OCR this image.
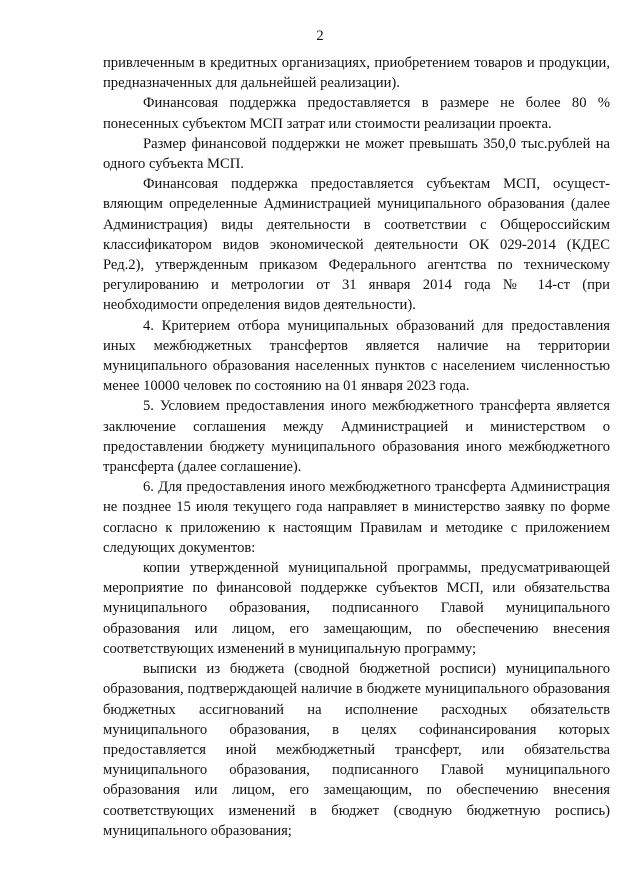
2

привлеченным в кредитных организациях, приобретением товаров и продукции, предназначенных для дальнейшей реализации).

Финансовая поддержка предоставляется в размере не более 80 % понесенных субъектом МСП затрат или стоимости реализации проекта.

Размер финансовой поддержки не может превышать 350,0 тыс.рублей на одного субъекта МСП.

Финансовая поддержка предоставляется субъектам МСП, осуществляющим определенные Администрацией муниципального образования (далее Администрация) виды деятельности в соответствии с Общероссийским классификатором видов экономической деятельности ОК 029-2014 (КДЕС Ред.2), утвержденным приказом Федерального агентства по техническому регулированию и метрологии от 31 января 2014 года № 14-ст (при необходимости определения видов деятельности).

4. Критерием отбора муниципальных образований для предоставления иных межбюджетных трансфертов является наличие на территории муниципального образования населенных пунктов с населением численностью менее 10000 человек по состоянию на 01 января 2023 года.

5. Условием предоставления иного межбюджетного трансферта является заключение соглашения между Администрацией и министерством о предоставлении бюджету муниципального образования иного межбюджетного трансферта (далее соглашение).

6. Для предоставления иного межбюджетного трансферта Администрация не позднее 15 июля текущего года направляет в министерство заявку по форме согласно к приложению к настоящим Правилам и методике с приложением следующих документов:

копии утвержденной муниципальной программы, предусматривающей мероприятие по финансовой поддержке субъектов МСП, или обязательства муниципального образования, подписанного Главой муниципального образования или лицом, его замещающим, по обеспечению внесения соответствующих изменений в муниципальную программу;

выписки из бюджета (сводной бюджетной росписи) муниципального образования, подтверждающей наличие в бюджете муниципального образования бюджетных ассигнований на исполнение расходных обязательств муниципального образования, в целях софинансирования которых предоставляется иной межбюджетный трансферт, или обязательства муниципального образования, подписанного Главой муниципального образования или лицом, его замещающим, по обеспечению внесения соответствующих изменений в бюджет (сводную бюджетную роспись) муниципального образования;
